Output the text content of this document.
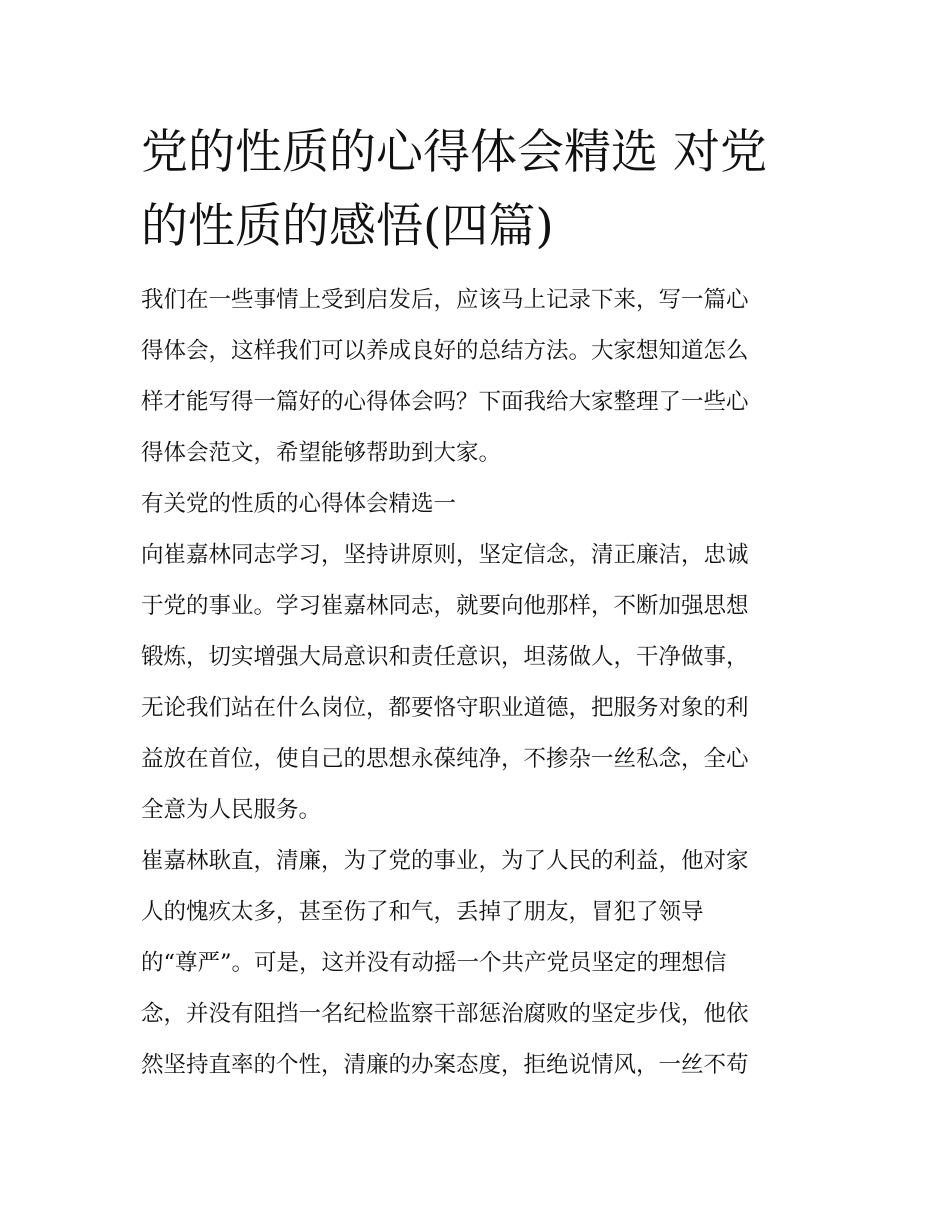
党的性质的心得体会精选 对党
的性质的感悟(四篇)
我们在一些事情上受到启发后，应该马上记录下来，写一篇心
得体会，这样我们可以养成良好的总结方法。大家想知道怎么
样才能写得一篇好的心得体会吗？下面我给大家整理了一些心
得体会范文，希望能够帮助到大家。
有关党的性质的心得体会精选一
向崔嘉林同志学习，坚持讲原则，坚定信念，清正廉洁，忠诚
于党的事业。学习崔嘉林同志，就要向他那样，不断加强思想
锻炼，切实增强大局意识和责任意识，坦荡做人，干净做事，
无论我们站在什么岗位，都要恪守职业道德，把服务对象的利
益放在首位，使自己的思想永葆纯净，不掺杂一丝私念，全心
全意为人民服务。
崔嘉林耿直，清廉，为了党的事业，为了人民的利益，他对家
人的愧疚太多，甚至伤了和气，丢掉了朋友，冒犯了领导
的“尊严”。可是，这并没有动摇一个共产党员坚定的理想信
念，并没有阻挡一名纪检监察干部惩治腐败的坚定步伐，他依
然坚持直率的个性，清廉的办案态度，拒绝说情风，一丝不苟
